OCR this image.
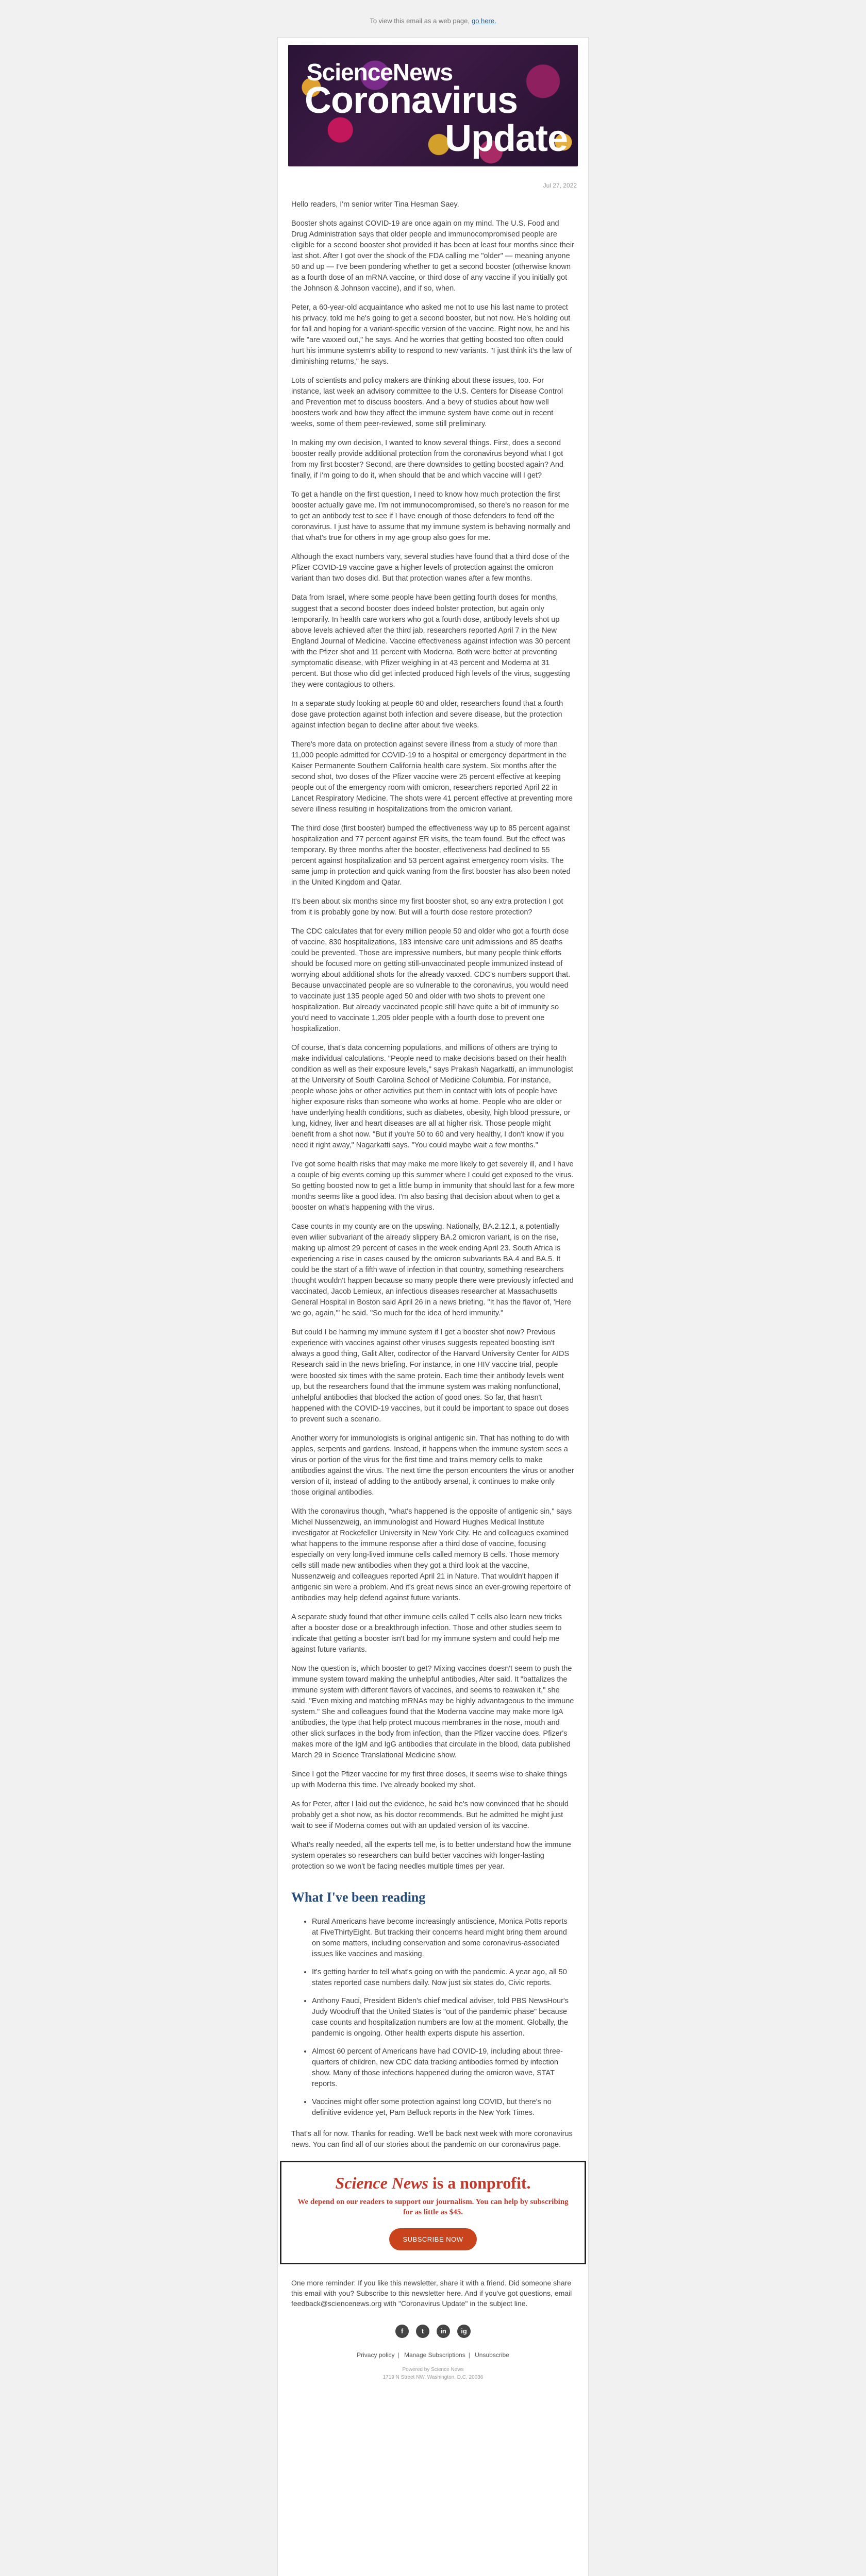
To view this email as a web page, go here.
ScienceNews
Coronavirus
Update
Jul 27, 2022

Hello readers, I'm senior writer Tina Hesman Saey.

Booster shots against COVID-19 are once again on my mind. The U.S. Food and Drug Administration says that older people and immunocompromised people are eligible for a second booster shot provided it has been at least four months since their last shot. After I got over the shock of the FDA calling me "older" — meaning anyone 50 and up — I've been pondering whether to get a second booster (otherwise known as a fourth dose of an mRNA vaccine, or third dose of any vaccine if you initially got the Johnson & Johnson vaccine), and if so, when.

Peter, a 60-year-old acquaintance who asked me not to use his last name to protect his privacy, told me he's going to get a second booster, but not now. He's holding out for fall and hoping for a variant-specific version of the vaccine. Right now, he and his wife "are vaxxed out," he says. And he worries that getting boosted too often could hurt his immune system's ability to respond to new variants. "I just think it's the law of diminishing returns," he says.

Lots of scientists and policy makers are thinking about these issues, too. For instance, last week an advisory committee to the U.S. Centers for Disease Control and Prevention met to discuss boosters. And a bevy of studies about how well boosters work and how they affect the immune system have come out in recent weeks, some of them peer-reviewed, some still preliminary.

In making my own decision, I wanted to know several things. First, does a second booster really provide additional protection from the coronavirus beyond what I got from my first booster? Second, are there downsides to getting boosted again? And finally, if I'm going to do it, when should that be and which vaccine will I get?

To get a handle on the first question, I need to know how much protection the first booster actually gave me. I'm not immunocompromised, so there's no reason for me to get an antibody test to see if I have enough of those defenders to fend off the coronavirus. I just have to assume that my immune system is behaving normally and that what's true for others in my age group also goes for me.

Although the exact numbers vary, several studies have found that a third dose of the Pfizer COVID-19 vaccine gave a higher levels of protection against the omicron variant than two doses did. But that protection wanes after a few months.

Data from Israel, where some people have been getting fourth doses for months, suggest that a second booster does indeed bolster protection, but again only temporarily. In health care workers who got a fourth dose, antibody levels shot up above levels achieved after the third jab, researchers reported April 7 in the New England Journal of Medicine. Vaccine effectiveness against infection was 30 percent with the Pfizer shot and 11 percent with Moderna. Both were better at preventing symptomatic disease, with Pfizer weighing in at 43 percent and Moderna at 31 percent. But those who did get infected produced high levels of the virus, suggesting they were contagious to others.

In a separate study looking at people 60 and older, researchers found that a fourth dose gave protection against both infection and severe disease, but the protection against infection began to decline after about five weeks.

There's more data on protection against severe illness from a study of more than 11,000 people admitted for COVID-19 to a hospital or emergency department in the Kaiser Permanente Southern California health care system. Six months after the second shot, two doses of the Pfizer vaccine were 25 percent effective at keeping people out of the emergency room with omicron, researchers reported April 22 in Lancet Respiratory Medicine. The shots were 41 percent effective at preventing more severe illness resulting in hospitalizations from the omicron variant.

The third dose (first booster) bumped the effectiveness way up to 85 percent against hospitalization and 77 percent against ER visits, the team found. But the effect was temporary. By three months after the booster, effectiveness had declined to 55 percent against hospitalization and 53 percent against emergency room visits. The same jump in protection and quick waning from the first booster has also been noted in the United Kingdom and Qatar.

It's been about six months since my first booster shot, so any extra protection I got from it is probably gone by now. But will a fourth dose restore protection?

The CDC calculates that for every million people 50 and older who got a fourth dose of vaccine, 830 hospitalizations, 183 intensive care unit admissions and 85 deaths could be prevented. Those are impressive numbers, but many people think efforts should be focused more on getting still-unvaccinated people immunized instead of worrying about additional shots for the already vaxxed. CDC's numbers support that. Because unvaccinated people are so vulnerable to the coronavirus, you would need to vaccinate just 135 people aged 50 and older with two shots to prevent one hospitalization. But already vaccinated people still have quite a bit of immunity so you'd need to vaccinate 1,205 older people with a fourth dose to prevent one hospitalization.

Of course, that's data concerning populations, and millions of others are trying to make individual calculations. "People need to make decisions based on their health condition as well as their exposure levels," says Prakash Nagarkatti, an immunologist at the University of South Carolina School of Medicine Columbia. For instance, people whose jobs or other activities put them in contact with lots of people have higher exposure risks than someone who works at home. People who are older or have underlying health conditions, such as diabetes, obesity, high blood pressure, or lung, kidney, liver and heart diseases are all at higher risk. Those people might benefit from a shot now. "But if you're 50 to 60 and very healthy, I don't know if you need it right away," Nagarkatti says. "You could maybe wait a few months."

I've got some health risks that may make me more likely to get severely ill, and I have a couple of big events coming up this summer where I could get exposed to the virus. So getting boosted now to get a little bump in immunity that should last for a few more months seems like a good idea. I'm also basing that decision about when to get a booster on what's happening with the virus.

Case counts in my county are on the upswing. Nationally, BA.2.12.1, a potentially even wilier subvariant of the already slippery BA.2 omicron variant, is on the rise, making up almost 29 percent of cases in the week ending April 23. South Africa is experiencing a rise in cases caused by the omicron subvariants BA.4 and BA.5. It could be the start of a fifth wave of infection in that country, something researchers thought wouldn't happen because so many people there were previously infected and vaccinated, Jacob Lemieux, an infectious diseases researcher at Massachusetts General Hospital in Boston said April 26 in a news briefing. "It has the flavor of, 'Here we go, again,'" he said. "So much for the idea of herd immunity."

But could I be harming my immune system if I get a booster shot now? Previous experience with vaccines against other viruses suggests repeated boosting isn't always a good thing, Galit Alter, codirector of the Harvard University Center for AIDS Research said in the news briefing. For instance, in one HIV vaccine trial, people were boosted six times with the same protein. Each time their antibody levels went up, but the researchers found that the immune system was making nonfunctional, unhelpful antibodies that blocked the action of good ones. So far, that hasn't happened with the COVID-19 vaccines, but it could be important to space out doses to prevent such a scenario.

Another worry for immunologists is original antigenic sin. That has nothing to do with apples, serpents and gardens. Instead, it happens when the immune system sees a virus or portion of the virus for the first time and trains memory cells to make antibodies against the virus. The next time the person encounters the virus or another version of it, instead of adding to the antibody arsenal, it continues to make only those original antibodies.

With the coronavirus though, "what's happened is the opposite of antigenic sin," says Michel Nussenzweig, an immunologist and Howard Hughes Medical Institute investigator at Rockefeller University in New York City. He and colleagues examined what happens to the immune response after a third dose of vaccine, focusing especially on very long-lived immune cells called memory B cells. Those memory cells still made new antibodies when they got a third look at the vaccine, Nussenzweig and colleagues reported April 21 in Nature. That wouldn't happen if antigenic sin were a problem. And it's great news since an ever-growing repertoire of antibodies may help defend against future variants.

A separate study found that other immune cells called T cells also learn new tricks after a booster dose or a breakthrough infection. Those and other studies seem to indicate that getting a booster isn't bad for my immune system and could help me against future variants.

Now the question is, which booster to get? Mixing vaccines doesn't seem to push the immune system toward making the unhelpful antibodies, Alter said. It "battalizes the immune system with different flavors of vaccines, and seems to reawaken it," she said. "Even mixing and matching mRNAs may be highly advantageous to the immune system." She and colleagues found that the Moderna vaccine may make more IgA antibodies, the type that help protect mucous membranes in the nose, mouth and other slick surfaces in the body from infection, than the Pfizer vaccine does. Pfizer's makes more of the IgM and IgG antibodies that circulate in the blood, data published March 29 in Science Translational Medicine show.

Since I got the Pfizer vaccine for my first three doses, it seems wise to shake things up with Moderna this time. I've already booked my shot.

As for Peter, after I laid out the evidence, he said he's now convinced that he should probably get a shot now, as his doctor recommends. But he admitted he might just wait to see if Moderna comes out with an updated version of its vaccine.

What's really needed, all the experts tell me, is to better understand how the immune system operates so researchers can build better vaccines with longer-lasting protection so we won't be facing needles multiple times per year.

What I've been reading
• Rural Americans have become increasingly antiscience, Monica Potts reports at FiveThirtyEight. But tracking their concerns heard might bring them around on some matters, including conservation and some coronavirus-associated issues like vaccines and masking.
• It's getting harder to tell what's going on with the pandemic. A year ago, all 50 states reported case numbers daily. Now just six states do, Civic reports.
• Anthony Fauci, President Biden's chief medical adviser, told PBS NewsHour's Judy Woodruff that the United States is "out of the pandemic phase" because case counts and hospitalization numbers are low at the moment. Globally, the pandemic is ongoing. Other health experts dispute his assertion.
• Almost 60 percent of Americans have had COVID-19, including about three-quarters of children, new CDC data tracking antibodies formed by infection show. Many of those infections happened during the omicron wave, STAT reports.
• Vaccines might offer some protection against long COVID, but there's no definitive evidence yet, Pam Belluck reports in the New York Times.

That's all for now. Thanks for reading. We'll be back next week with more coronavirus news. You can find all of our stories about the pandemic on our coronavirus page.

Science News is a nonprofit.
We depend on our readers to support our journalism. You can help by subscribing for as little as $45.
SUBSCRIBE NOW
One more reminder: If you like this newsletter, share it with a friend. Did someone share this email with you? Subscribe to this newsletter here. And if you've got questions, email feedback@sciencenews.org with "Coronavirus Update" in the subject line.
f	t	in	ig
Privacy policy | Manage Subscriptions | Unsubscribe
Powered by Science News
1719 N Street NW, Washington, D.C. 20036
